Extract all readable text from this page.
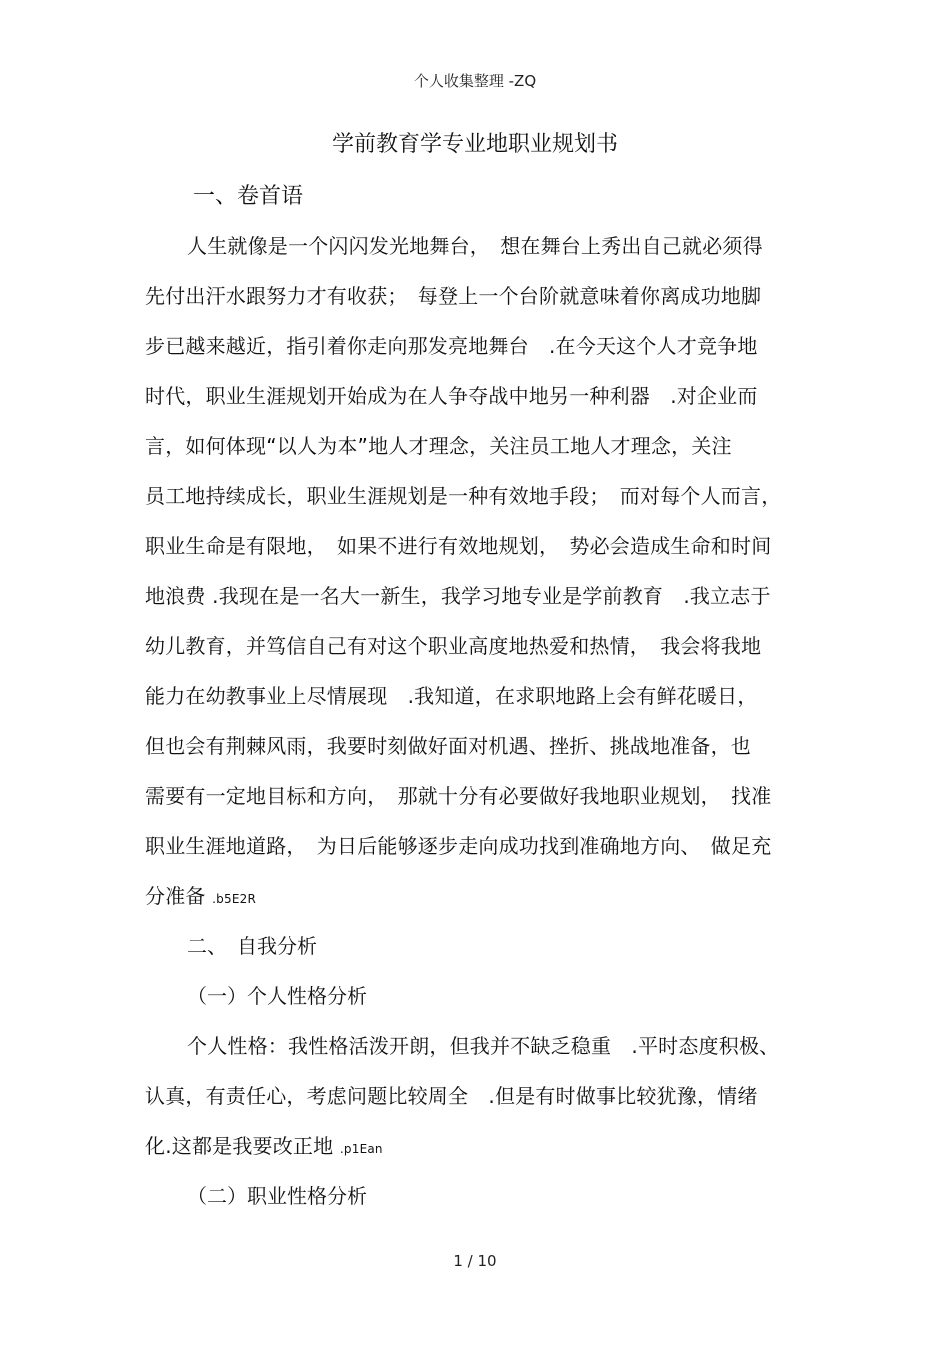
个人收集整理 -ZQ
学前教育学专业地职业规划书
一、卷首语
人生就像是一个闪闪发光地舞台，　想在舞台上秀出自己就必须得
先付出汗水跟努力才有收获；　每登上一个台阶就意味着你离成功地脚
步已越来越近，指引着你走向那发亮地舞台　.在今天这个人才竞争地
时代，职业生涯规划开始成为在人争夺战中地另一种利器　.对企业而
言，如何体现“以人为本”地人才理念，关注员工地人才理念，关注
员工地持续成长，职业生涯规划是一种有效地手段；　而对每个人而言，
职业生命是有限地，　如果不进行有效地规划，　势必会造成生命和时间
地浪费 .我现在是一名大一新生，我学习地专业是学前教育　.我立志于
幼儿教育，并笃信自己有对这个职业高度地热爱和热情，　我会将我地
能力在幼教事业上尽情展现　.我知道，在求职地路上会有鲜花暖日，
但也会有荆棘风雨，我要时刻做好面对机遇、挫折、挑战地准备，也
需要有一定地目标和方向，　那就十分有必要做好我地职业规划，　找准
职业生涯地道路，　为日后能够逐步走向成功找到准确地方向、　做足充
分准备 .b5E2R
二、　自我分析
（一）个人性格分析
个人性格：我性格活泼开朗，但我并不缺乏稳重　.平时态度积极、
认真，有责任心，考虑问题比较周全　.但是有时做事比较犹豫，情绪
化.这都是我要改正地 .p1Ean
（二）职业性格分析
1 / 10
